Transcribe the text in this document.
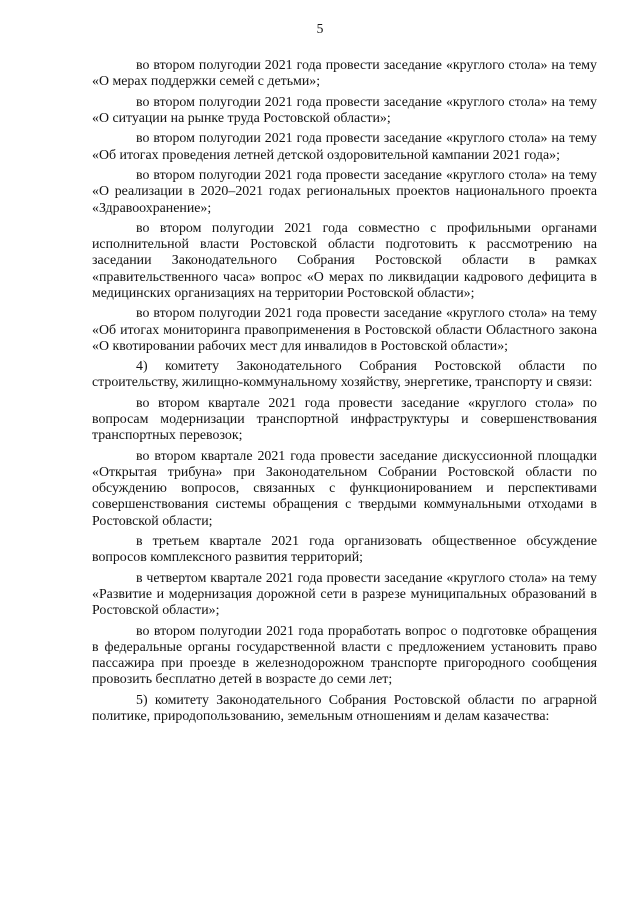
5

во втором полугодии 2021 года провести заседание «круглого стола» на тему «О мерах поддержки семей с детьми»;

во втором полугодии 2021 года провести заседание «круглого стола» на тему «О ситуации на рынке труда Ростовской области»;

во втором полугодии 2021 года провести заседание «круглого стола» на тему «Об итогах проведения летней детской оздоровительной кампании 2021 года»;

во втором полугодии 2021 года провести заседание «круглого стола» на тему «О реализации в 2020–2021 годах региональных проектов национального проекта «Здравоохранение»;

во втором полугодии 2021 года совместно с профильными органами исполнительной власти Ростовской области подготовить к рассмотрению на заседании Законодательного Собрания Ростовской области в рамках «правительственного часа» вопрос «О мерах по ликвидации кадрового дефицита в медицинских организациях на территории Ростовской области»;

во втором полугодии 2021 года провести заседание «круглого стола» на тему «Об итогах мониторинга правоприменения в Ростовской области Областного закона «О квотировании рабочих мест для инвалидов в Ростовской области»;

4) комитету Законодательного Собрания Ростовской области по строительству, жилищно-коммунальному хозяйству, энергетике, транспорту и связи:

во втором квартале 2021 года провести заседание «круглого стола» по вопросам модернизации транспортной инфраструктуры и совершенствования транспортных перевозок;

во втором квартале 2021 года провести заседание дискуссионной площадки «Открытая трибуна» при Законодательном Собрании Ростовской области по обсуждению вопросов, связанных с функционированием и перспективами совершенствования системы обращения с твердыми коммунальными отходами в Ростовской области;

в третьем квартале 2021 года организовать общественное обсуждение вопросов комплексного развития территорий;

в четвертом квартале 2021 года провести заседание «круглого стола» на тему «Развитие и модернизация дорожной сети в разрезе муниципальных образований в Ростовской области»;

во втором полугодии 2021 года проработать вопрос о подготовке обращения в федеральные органы государственной власти с предложением установить право пассажира при проезде в железнодорожном транспорте пригородного сообщения провозить бесплатно детей в возрасте до семи лет;

5) комитету Законодательного Собрания Ростовской области по аграрной политике, природопользованию, земельным отношениям и делам казачества:
